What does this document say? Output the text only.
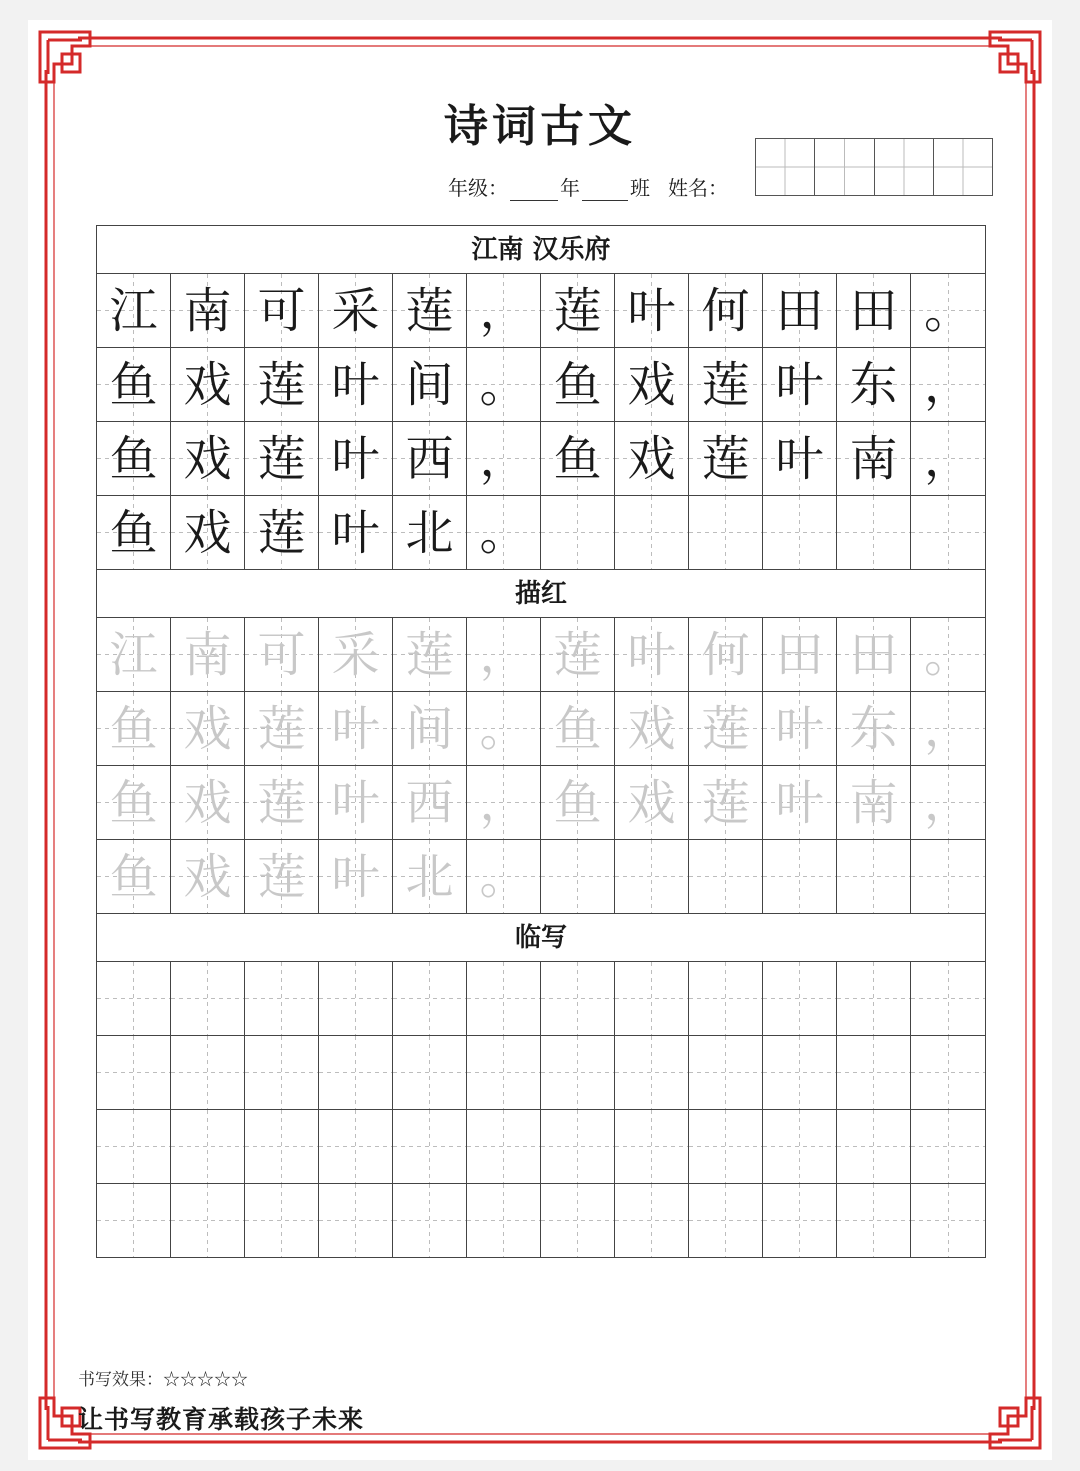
诗词古文
年级：	年	班 姓名：
江南 汉乐府
江 南 可 采 莲 ， 莲 叶 何 田 田 。
鱼 戏 莲 叶 间 。 鱼 戏 莲 叶 东 ，
鱼 戏 莲 叶 西 ， 鱼 戏 莲 叶 南 ，
鱼 戏 莲 叶 北 。
描红
江 南 可 采 莲 ， 莲 叶 何 田 田 。
鱼 戏 莲 叶 间 。 鱼 戏 莲 叶 东 ，
鱼 戏 莲 叶 西 ， 鱼 戏 莲 叶 南 ，
鱼 戏 莲 叶 北 。
临写
书写效果：☆☆☆☆☆
让书写教育承载孩子未来
